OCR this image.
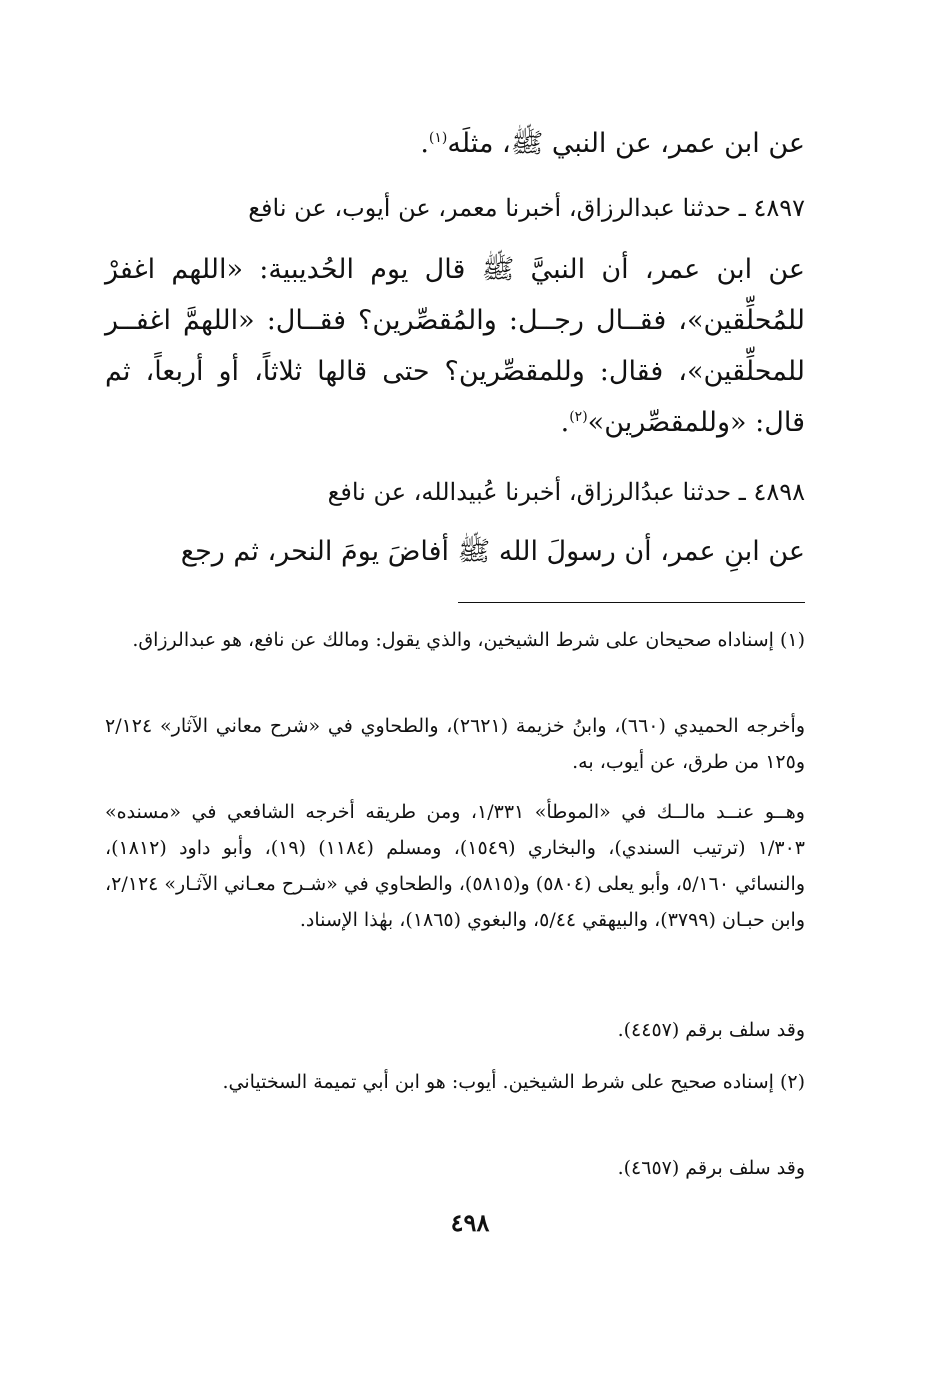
عن ابن عمر، عن النبي ﷺ، مثلَه$^{(١)}$.
٤٨٩٧ ـ حدثنا عبدالرزاق، أخبرنا معمر، عن أيوب، عن نافع
عن ابن عمر، أن النبيَّ ﷺ قال يوم الحُديبية: «اللهم اغفرْ للمُحلِّقين»، فقــال رجــل: والمُقصِّرين؟ فقــال: «اللهمَّ اغفــر للمحلِّقين»، فقال: وللمقصِّرين؟ حتى قالها ثلاثاً، أو أربعاً، ثم قال: «وللمقصِّرين»$^{(٢)}$.
٤٨٩٨ ـ حدثنا عبدُالرزاق، أخبرنا عُبيدالله، عن نافع
عن ابنِ عمر، أن رسولَ الله ﷺ أفاضَ يومَ النحر، ثم رجع
(١) إسناداه صحيحان على شرط الشيخين، والذي يقول: ومالك عن نافع، هو عبدالرزاق.
وأخرجه الحميدي (٦٦٠)، وابنُ خزيمة (٢٦٢١)، والطحاوي في «شرح معاني الآثار» ٢/١٢٤ و١٢٥ من طرق، عن أيوب، به.
وهــو عنــد مالــك في «الموطأ» ١/٣٣١، ومن طريقه أخرجه الشافعي في «مسنده» ١/٣٠٣ (ترتيب السندي)، والبخاري (١٥٤٩)، ومسلم (١١٨٤) (١٩)، وأبو داود (١٨١٢)، والنسائي ٥/١٦٠، وأبو يعلى (٥٨٠٤) و(٥٨١٥)، والطحاوي في «شـرح معـاني الآثـار» ٢/١٢٤، وابن حبـان (٣٧٩٩)، والبيهقي ٥/٤٤، والبغوي (١٨٦٥)، بهٰذا الإسناد.
وقد سلف برقم (٤٤٥٧).
(٢) إسناده صحيح على شرط الشيخين. أيوب: هو ابن أبي تميمة السختياني.
وقد سلف برقم (٤٦٥٧).
٤٩٨
